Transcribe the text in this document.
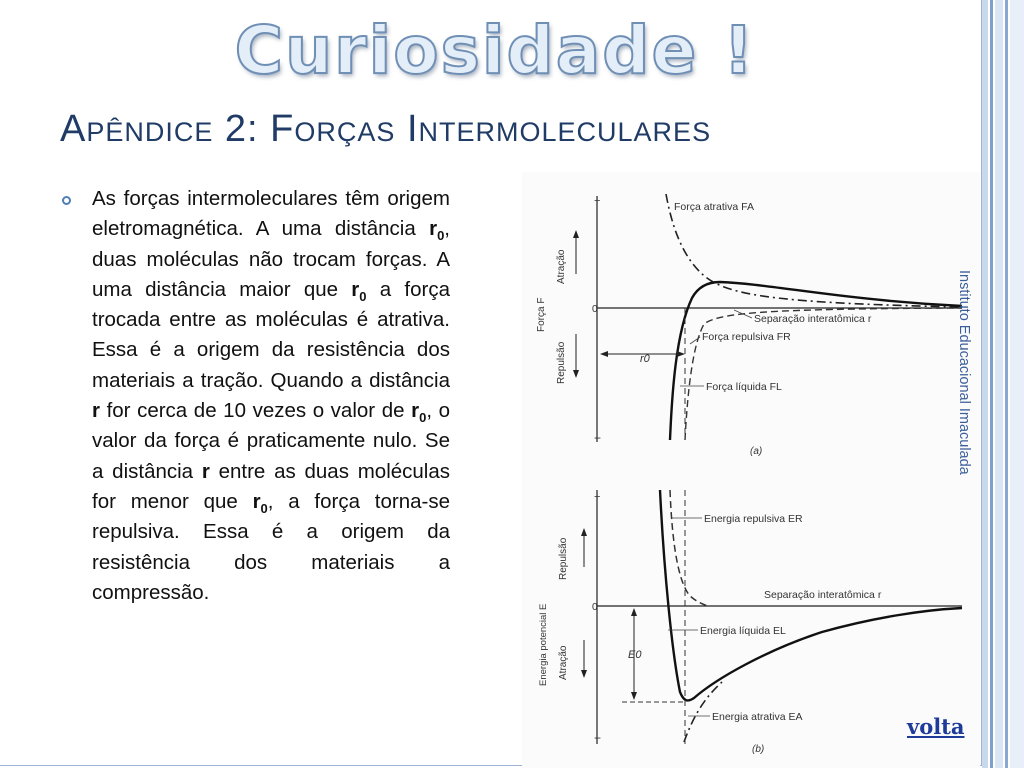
Curiosidade !
Apêndice 2: Forças Intermoleculares
As forças intermoleculares têm origem eletromagnética. A uma distância $r_0$, duas moléculas não trocam forças. A uma distância maior que $r_0$ a força trocada entre as moléculas é atrativa. Essa é a origem da resistência dos materiais a tração. Quando a distância r for cerca de 10 vezes o valor de $r_0$, o valor da força é praticamente nulo. Se a distância r entre as duas moléculas for menor que $r_0$, a força torna-se repulsiva. Essa é a origem da resistência dos materiais a compressão.
+
−
0
Força F
Atração
Repulsão	r0
Força atrativa FA
Separação interatômica r
Força repulsiva FR
Força líquida FL
(a)
+
−
0
Energia potencial E
Repulsão
Atração	E0
Energia repulsiva ER
Separação interatômica r
Energia líquida EL
Energia atrativa EA
(b)
Instituto Educacional Imaculada
volta
